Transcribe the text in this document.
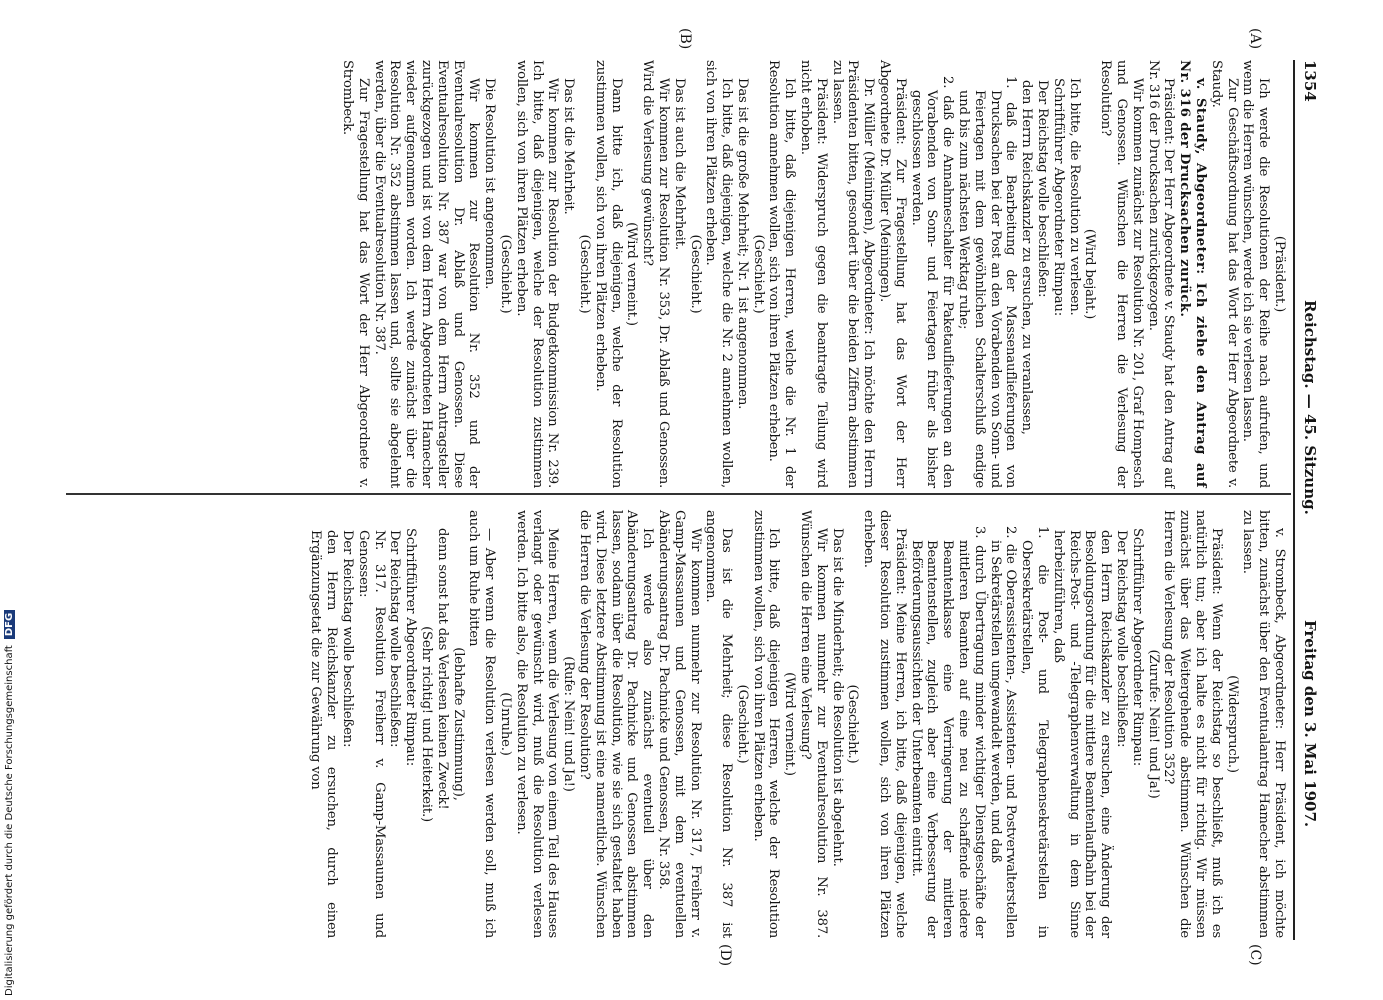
1354
Reichstag. — 45. Sitzung.
Freitag den 3. Mai 1907.
(A)
(B)
(C)
(D)

(Präsident.)

Ich werde die Resolutionen der Reihe nach aufrufen, und wenn die Herren wünschen, werde ich sie verlesen lassen.

Zur Geschäftsordnung hat das Wort der Herr Abgeordnete v. Staudy.

v. Staudy, Abgeordneter: Ich ziehe den Antrag auf Nr. 316 der Drucksachen zurück.

Präsident: Der Herr Abgeordnete v. Staudy hat den Antrag auf Nr. 316 der Drucksachen zurückgezogen.

Wir kommen zunächst zur Resolution Nr. 201, Graf Hompesch und Genossen. Wünschen die Herren die Verlesung der Resolution?

(Wird bejaht.)

Ich bitte, die Resolution zu verlesen.

Schriftführer Abgeordneter Rimpau:

Der Reichstag wolle beschließen:

den Herrn Reichskanzler zu ersuchen, zu veranlassen,

1. daß die Bearbeitung der Massenauflieferungen von Drucksachen bei der Post an den Vorabenden von Sonn- und Feiertagen mit dem gewöhnlichen Schalterschluß endige und bis zum nächsten Werktag ruhe;

2. daß die Annahmeschalter für Paketauflieferungen an den Vorabenden von Sonn- und Feiertagen früher als bisher geschlossen werden.

Präsident: Zur Fragestellung hat das Wort der Herr Abgeordnete Dr. Müller (Meiningen).

Dr. Müller (Meiningen), Abgeordneter: Ich möchte den Herrn Präsidenten bitten, gesondert über die beiden Ziffern abstimmen zu lassen.

Präsident: Widerspruch gegen die beantragte Teilung wird nicht erhoben.

Ich bitte, daß diejenigen Herren, welche die Nr. 1 der Resolution annehmen wollen, sich von ihren Plätzen erheben.

(Geschieht.)

Das ist die große Mehrheit; Nr. 1 ist angenommen.

Ich bitte, daß diejenigen, welche die Nr. 2 annehmen wollen, sich von ihren Plätzen erheben.

(Geschieht.)

Das ist auch die Mehrheit.

Wir kommen zur Resolution Nr. 353, Dr. Ablaß und Genossen. Wird die Verlesung gewünscht?

(Wird verneint.)

Dann bitte ich, daß diejenigen, welche der Resolution zustimmen wollen, sich von ihren Plätzen erheben.

(Geschieht.)

Das ist die Mehrheit.

Wir kommen zur Resolution der Budgetkommission Nr. 239. Ich bitte, daß diejenigen, welche der Resolution zustimmen wollen, sich von ihren Plätzen erheben.

(Geschieht.)

Die Resolution ist angenommen.

Wir kommen zur Resolution Nr. 352 und der Eventualresolution Dr. Ablaß und Genossen. Diese Eventualresolution Nr. 387 war von dem Herrn Antragsteller zurückgezogen und ist von dem Herrn Abgeordneten Hamecher wieder aufgenommen worden. Ich werde zunächst über die Resolution Nr. 352 abstimmen lassen und, sollte sie abgelehnt werden, über die Eventualresolution Nr. 387.

Zur Fragestellung hat das Wort der Herr Abgeordnete v. Strombeck.

v. Strombeck, Abgeordneter: Herr Präsident, ich möchte bitten, zunächst über den Eventualantrag Hamecher abstimmen zu lassen.

(Widerspruch.)

Präsident: Wenn der Reichstag so beschließt, muß ich es natürlich tun; aber ich halte es nicht für richtig. Wir müssen zunächst über das Weitergehende abstimmen. Wünschen die Herren die Verlesung der Resolution 352?

(Zurufe: Nein! und Ja!)

Schriftführer Abgeordneter Rimpau:

Der Reichstag wolle beschließen:

den Herrn Reichskanzler zu ersuchen, eine Änderung der Besoldungsordnung für die mittlere Beamtenlaufbahn bei der Reichs-Post- und -Telegraphenverwaltung in dem Sinne herbeizuführen, daß

1. die Post- und Telegraphensekretärstellen in Obersekretärstellen,

2. die Oberassistenten-, Assistenten- und Postverwalterstellen in Sekretärstellen umgewandelt werden, und daß

3. durch Übertragung minder wichtiger Dienstgeschäfte der mittleren Beamten auf eine neu zu schaffende niedere Beamtenklasse eine Verringerung der mittleren Beamtenstellen, zugleich aber eine Verbesserung der Beförderungsaussichten der Unterbeamten eintritt.

Präsident: Meine Herren, ich bitte, daß diejenigen, welche dieser Resolution zustimmen wollen, sich von ihren Plätzen erheben.

(Geschieht.)

Das ist die Minderheit; die Resolution ist abgelehnt.

Wir kommen nunmehr zur Eventualresolution Nr. 387. Wünschen die Herren eine Verlesung?

(Wird verneint.)

Ich bitte, daß diejenigen Herren, welche der Resolution zustimmen wollen, sich von ihren Plätzen erheben.

(Geschieht.)

Das ist die Mehrheit; diese Resolution Nr. 387 ist angenommen.

Wir kommen nunmehr zur Resolution Nr. 317, Freiherr v. Gamp-Massaunen und Genossen, mit dem eventuellen Abänderungsantrag Dr. Pachnicke und Genossen, Nr. 358.

Ich werde also zunächst eventuell über den Abänderungsantrag Dr. Pachnicke und Genossen abstimmen lassen, sodann über die Resolution, wie sie sich gestaltet haben wird. Diese letztere Abstimmung ist eine namentliche. Wünschen die Herren die Verlesung der Resolution?

(Rufe: Nein! und Ja!)

Meine Herren, wenn die Verlesung von einem Teil des Hauses verlangt oder gewünscht wird, muß die Resolution verlesen werden. Ich bitte also, die Resolution zu verlesen.

(Unruhe.)

— Aber wenn die Resolution verlesen werden soll, muß ich auch um Ruhe bitten

(lebhafte Zustimmung),

denn sonst hat das Verlesen keinen Zweck!

(Sehr richtig! und Heiterkeit.)

Schriftführer Abgeordneter Rimpau:

Der Reichstag wolle beschließen:

Nr. 317. Resolution Freiherr v. Gamp-Massaunen und Genossen:

Der Reichstag wolle beschließen:

den Herrn Reichskanzler zu ersuchen, durch einen Ergänzungsetat die zur Gewährung von

Digitalisierung gefördert durch die Deutsche ForschungsgemeinschaftDFG
